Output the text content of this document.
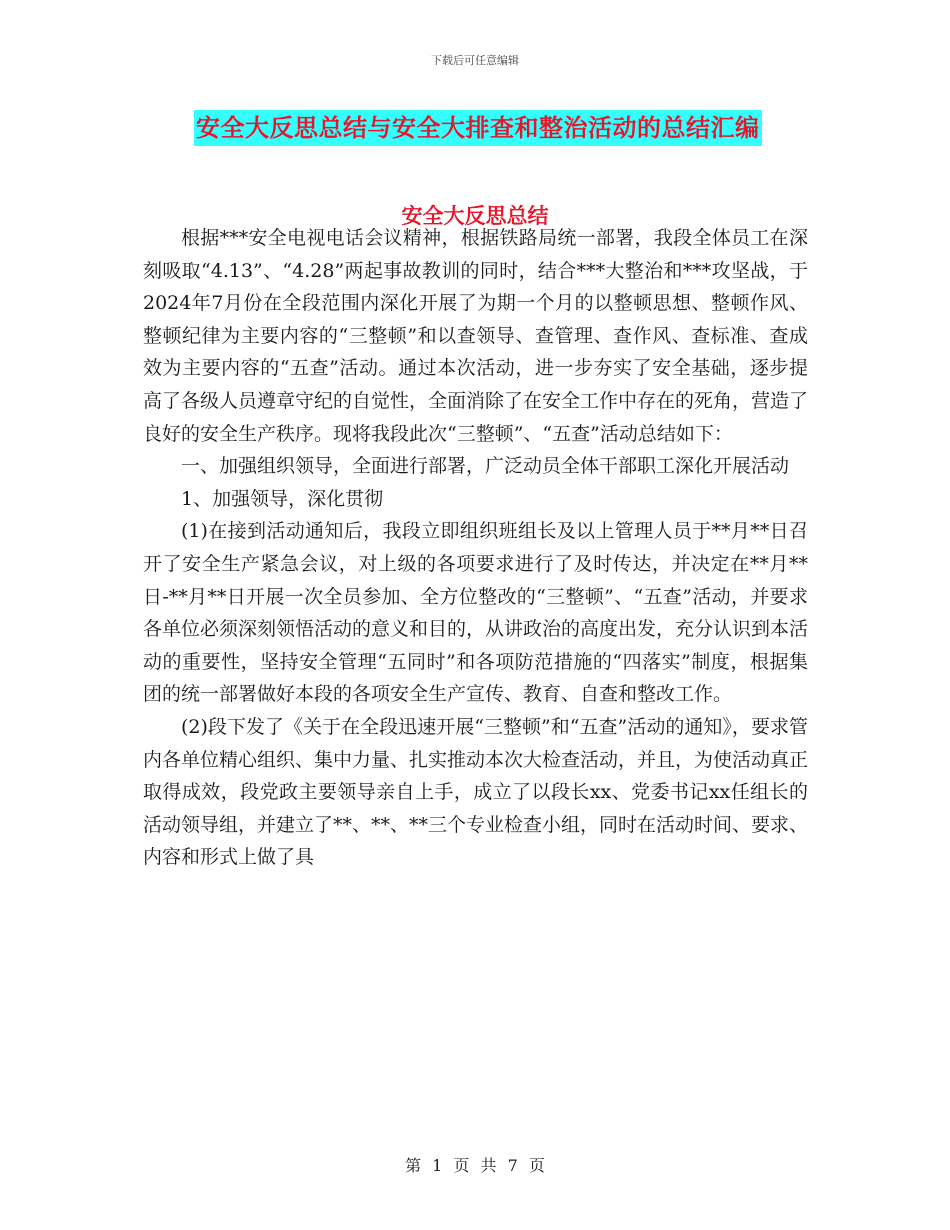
下载后可任意编辑
安全大反思总结与安全大排查和整治活动的总结汇编
安全大反思总结

根据***安全电视电话会议精神，根据铁路局统一部署，我段全体员工在深刻吸取“4.13”、“4.28”两起事故教训的同时，结合***大整治和***攻坚战，于2024年7月份在全段范围内深化开展了为期一个月的以整顿思想、整顿作风、整顿纪律为主要内容的“三整顿”和以查领导、查管理、查作风、查标准、查成效为主要内容的“五查”活动。通过本次活动，进一步夯实了安全基础，逐步提高了各级人员遵章守纪的自觉性，全面消除了在安全工作中存在的死角，营造了良好的安全生产秩序。现将我段此次“三整顿”、“五查”活动总结如下：

一、加强组织领导，全面进行部署，广泛动员全体干部职工深化开展活动

1、加强领导，深化贯彻

(1)在接到活动通知后，我段立即组织班组长及以上管理人员于**月**日召开了安全生产紧急会议，对上级的各项要求进行了及时传达，并决定在**月**日-**月**日开展一次全员参加、全方位整改的“三整顿”、“五查”活动，并要求各单位必须深刻领悟活动的意义和目的，从讲政治的高度出发，充分认识到本活动的重要性，坚持安全管理“五同时”和各项防范措施的“四落实”制度，根据集团的统一部署做好本段的各项安全生产宣传、教育、自查和整改工作。

(2)段下发了《关于在全段迅速开展“三整顿”和“五查”活动的通知》，要求管内各单位精心组织、集中力量、扎实推动本次大检查活动，并且，为使活动真正取得成效，段党政主要领导亲自上手，成立了以段长xx、党委书记xx任组长的活动领导组，并建立了**、**、**三个专业检查小组，同时在活动时间、要求、内容和形式上做了具

第 1 页 共 7 页
